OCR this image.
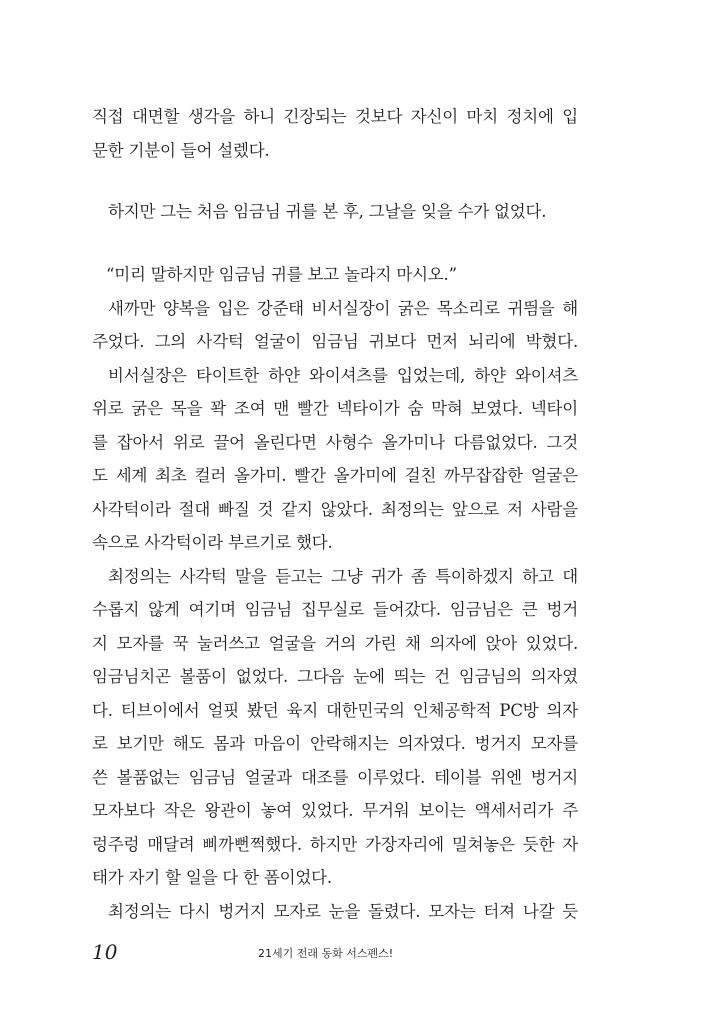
직접 대면할 생각을 하니 긴장되는 것보다 자신이 마치 정치에 입
문한 기분이 들어 설렜다.
하지만 그는 처음 임금님 귀를 본 후, 그날을 잊을 수가 없었다.
“미리 말하지만 임금님 귀를 보고 놀라지 마시오.”
새까만 양복을 입은 강준태 비서실장이 굵은 목소리로 귀띔을 해
주었다. 그의 사각턱 얼굴이 임금님 귀보다 먼저 뇌리에 박혔다.
비서실장은 타이트한 하얀 와이셔츠를 입었는데, 하얀 와이셔츠
위로 굵은 목을 꽉 조여 맨 빨간 넥타이가 숨 막혀 보였다. 넥타이
를 잡아서 위로 끌어 올린다면 사형수 올가미나 다름없었다. 그것
도 세계 최초 컬러 올가미. 빨간 올가미에 걸친 까무잡잡한 얼굴은
사각턱이라 절대 빠질 것 같지 않았다. 최정의는 앞으로 저 사람을
속으로 사각턱이라 부르기로 했다.
최정의는 사각턱 말을 듣고는 그냥 귀가 좀 특이하겠지 하고 대
수롭지 않게 여기며 임금님 집무실로 들어갔다. 임금님은 큰 벙거
지 모자를 꾹 눌러쓰고 얼굴을 거의 가린 채 의자에 앉아 있었다.
임금님치곤 볼품이 없었다. 그다음 눈에 띄는 건 임금님의 의자였
다. 티브이에서 얼핏 봤던 육지 대한민국의 인체공학적 PC방 의자
로 보기만 해도 몸과 마음이 안락해지는 의자였다. 벙거지 모자를
쓴 볼품없는 임금님 얼굴과 대조를 이루었다. 테이블 위엔 벙거지
모자보다 작은 왕관이 놓여 있었다. 무거워 보이는 액세서리가 주
렁주렁 매달려 삐까뻔쩍했다. 하지만 가장자리에 밀쳐놓은 듯한 자
태가 자기 할 일을 다 한 폼이었다.
최정의는 다시 벙거지 모자로 눈을 돌렸다. 모자는 터져 나갈 듯
10	21세기 전래 동화 서스펜스!
